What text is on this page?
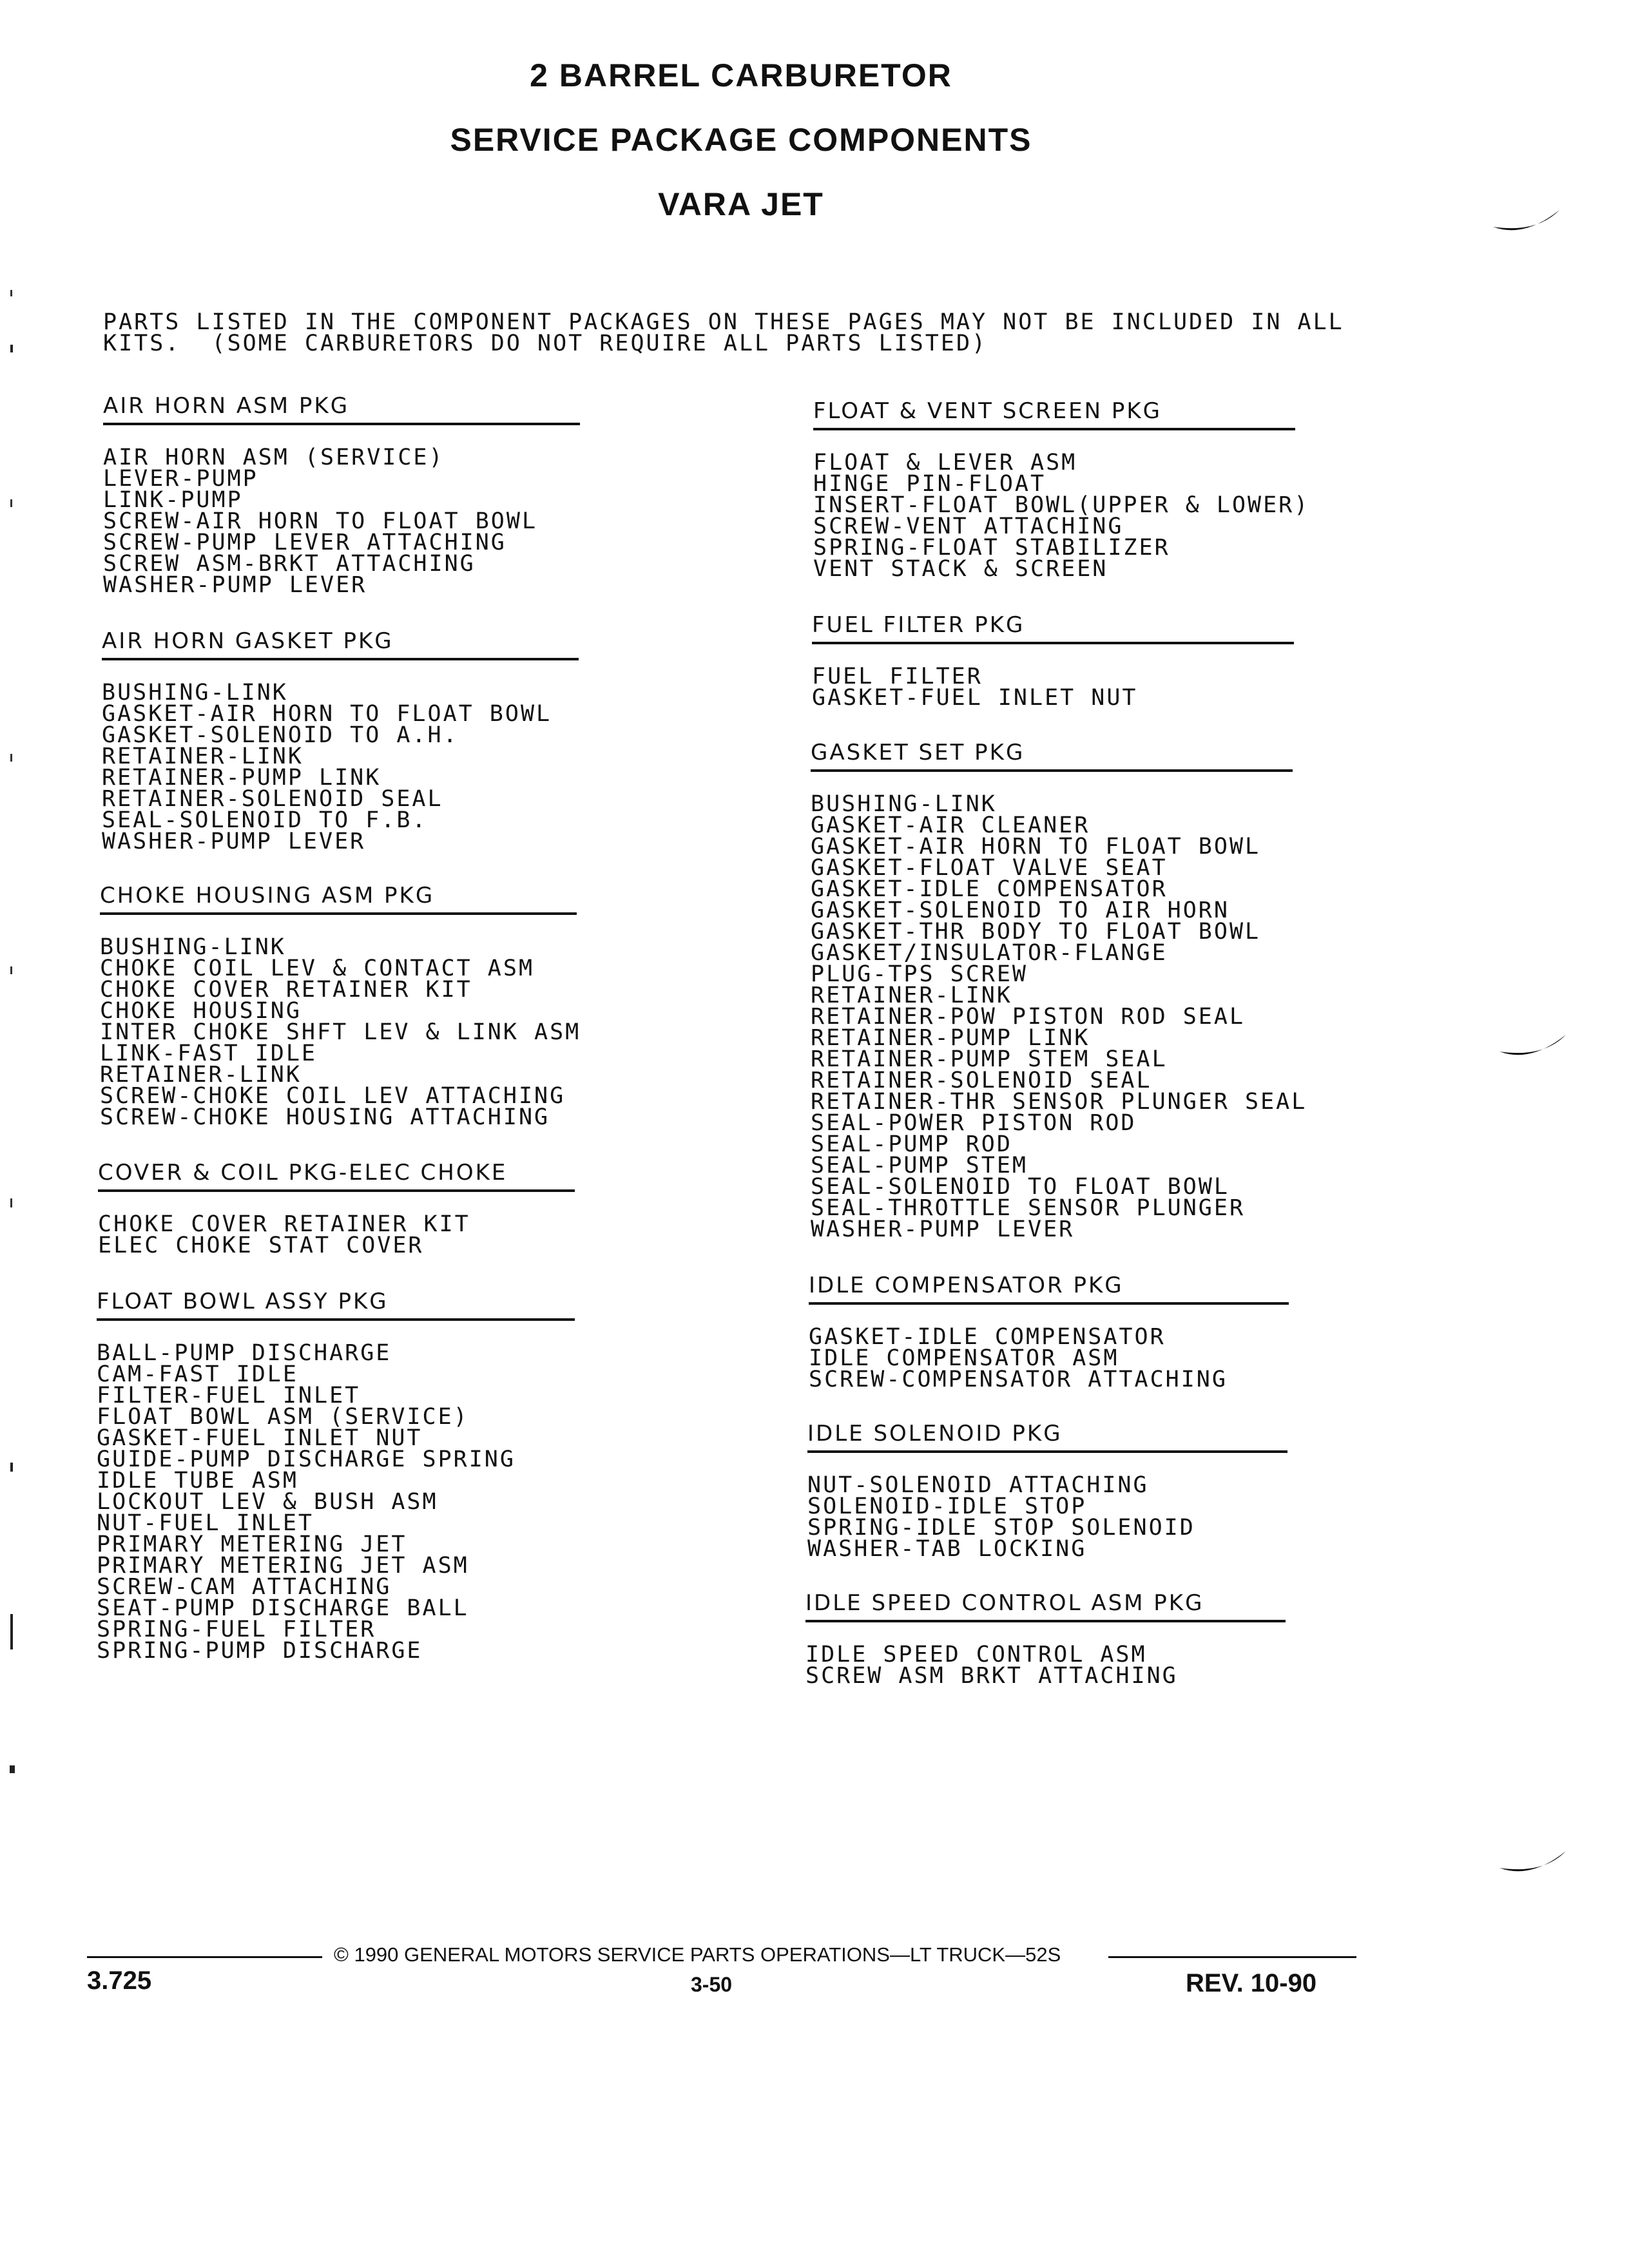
2 BARREL CARBURETOR
SERVICE PACKAGE COMPONENTS
VARA JET
PARTS LISTED IN THE COMPONENT PACKAGES ON THESE PAGES MAY NOT BE INCLUDED IN ALL
KITS.  (SOME CARBURETORS DO NOT REQUIRE ALL PARTS LISTED)
AIR HORN ASM PKG
AIR HORN ASM (SERVICE)
LEVER-PUMP
LINK-PUMP
SCREW-AIR HORN TO FLOAT BOWL
SCREW-PUMP LEVER ATTACHING
SCREW ASM-BRKT ATTACHING
WASHER-PUMP LEVER
AIR HORN GASKET PKG
BUSHING-LINK
GASKET-AIR HORN TO FLOAT BOWL
GASKET-SOLENOID TO A.H.
RETAINER-LINK
RETAINER-PUMP LINK
RETAINER-SOLENOID SEAL
SEAL-SOLENOID TO F.B.
WASHER-PUMP LEVER
CHOKE HOUSING ASM PKG
BUSHING-LINK
CHOKE COIL LEV & CONTACT ASM
CHOKE COVER RETAINER KIT
CHOKE HOUSING
INTER CHOKE SHFT LEV & LINK ASM
LINK-FAST IDLE
RETAINER-LINK
SCREW-CHOKE COIL LEV ATTACHING
SCREW-CHOKE HOUSING ATTACHING
COVER & COIL PKG-ELEC CHOKE
CHOKE COVER RETAINER KIT
ELEC CHOKE STAT COVER
FLOAT BOWL ASSY PKG
BALL-PUMP DISCHARGE
CAM-FAST IDLE
FILTER-FUEL INLET
FLOAT BOWL ASM (SERVICE)
GASKET-FUEL INLET NUT
GUIDE-PUMP DISCHARGE SPRING
IDLE TUBE ASM
LOCKOUT LEV & BUSH ASM
NUT-FUEL INLET
PRIMARY METERING JET
PRIMARY METERING JET ASM
SCREW-CAM ATTACHING
SEAT-PUMP DISCHARGE BALL
SPRING-FUEL FILTER
SPRING-PUMP DISCHARGE
FLOAT & VENT SCREEN PKG
FLOAT & LEVER ASM
HINGE PIN-FLOAT
INSERT-FLOAT BOWL(UPPER & LOWER)
SCREW-VENT ATTACHING
SPRING-FLOAT STABILIZER
VENT STACK & SCREEN
FUEL FILTER PKG
FUEL FILTER
GASKET-FUEL INLET NUT
GASKET SET PKG
BUSHING-LINK
GASKET-AIR CLEANER
GASKET-AIR HORN TO FLOAT BOWL
GASKET-FLOAT VALVE SEAT
GASKET-IDLE COMPENSATOR
GASKET-SOLENOID TO AIR HORN
GASKET-THR BODY TO FLOAT BOWL
GASKET/INSULATOR-FLANGE
PLUG-TPS SCREW
RETAINER-LINK
RETAINER-POW PISTON ROD SEAL
RETAINER-PUMP LINK
RETAINER-PUMP STEM SEAL
RETAINER-SOLENOID SEAL
RETAINER-THR SENSOR PLUNGER SEAL
SEAL-POWER PISTON ROD
SEAL-PUMP ROD
SEAL-PUMP STEM
SEAL-SOLENOID TO FLOAT BOWL
SEAL-THROTTLE SENSOR PLUNGER
WASHER-PUMP LEVER
IDLE COMPENSATOR PKG
GASKET-IDLE COMPENSATOR
IDLE COMPENSATOR ASM
SCREW-COMPENSATOR ATTACHING
IDLE SOLENOID PKG
NUT-SOLENOID ATTACHING
SOLENOID-IDLE STOP
SPRING-IDLE STOP SOLENOID
WASHER-TAB LOCKING
IDLE SPEED CONTROL ASM PKG
IDLE SPEED CONTROL ASM
SCREW ASM BRKT ATTACHING
© 1990 GENERAL MOTORS SERVICE PARTS OPERATIONS—LT TRUCK—52S
3.725	3-50	REV. 10-90
